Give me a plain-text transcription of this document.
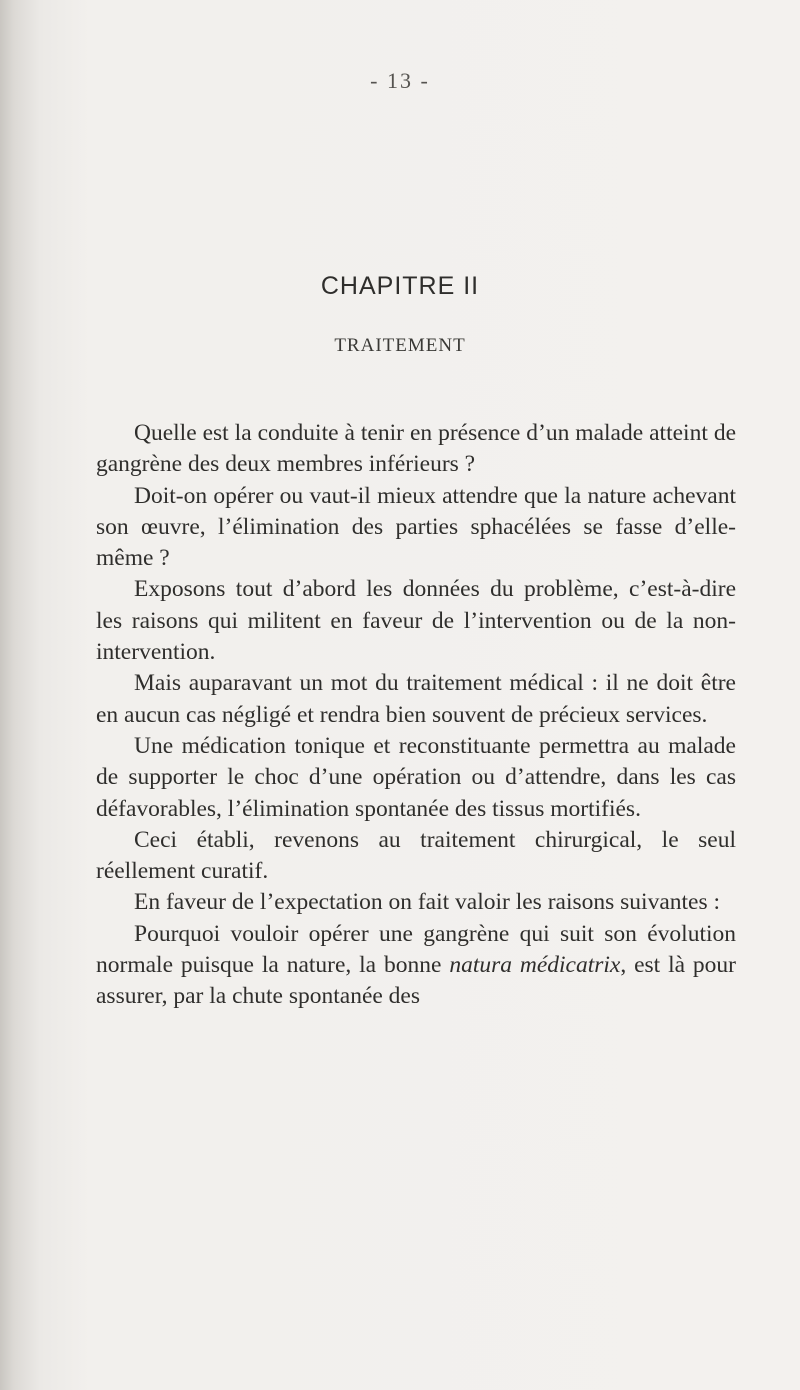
- 13 -
CHAPITRE II
TRAITEMENT

Quelle est la conduite à tenir en présence d’un malade atteint de gangrène des deux membres inférieurs ?

Doit-on opérer ou vaut-il mieux attendre que la nature achevant son œuvre, l’élimination des parties sphacélées se fasse d’elle-même ?

Exposons tout d’abord les données du problème, c’est-à-dire les raisons qui militent en faveur de l’intervention ou de la non-intervention.

Mais auparavant un mot du traitement médical : il ne doit être en aucun cas négligé et rendra bien souvent de précieux services.

Une médication tonique et reconstituante permettra au malade de supporter le choc d’une opération ou d’attendre, dans les cas défavorables, l’élimination spontanée des tissus mortifiés.

Ceci établi, revenons au traitement chirurgical, le seul réellement curatif.

En faveur de l’expectation on fait valoir les raisons suivantes :

Pourquoi vouloir opérer une gangrène qui suit son évolution normale puisque la nature, la bonne natura médicatrix, est là pour assurer, par la chute spontanée des
